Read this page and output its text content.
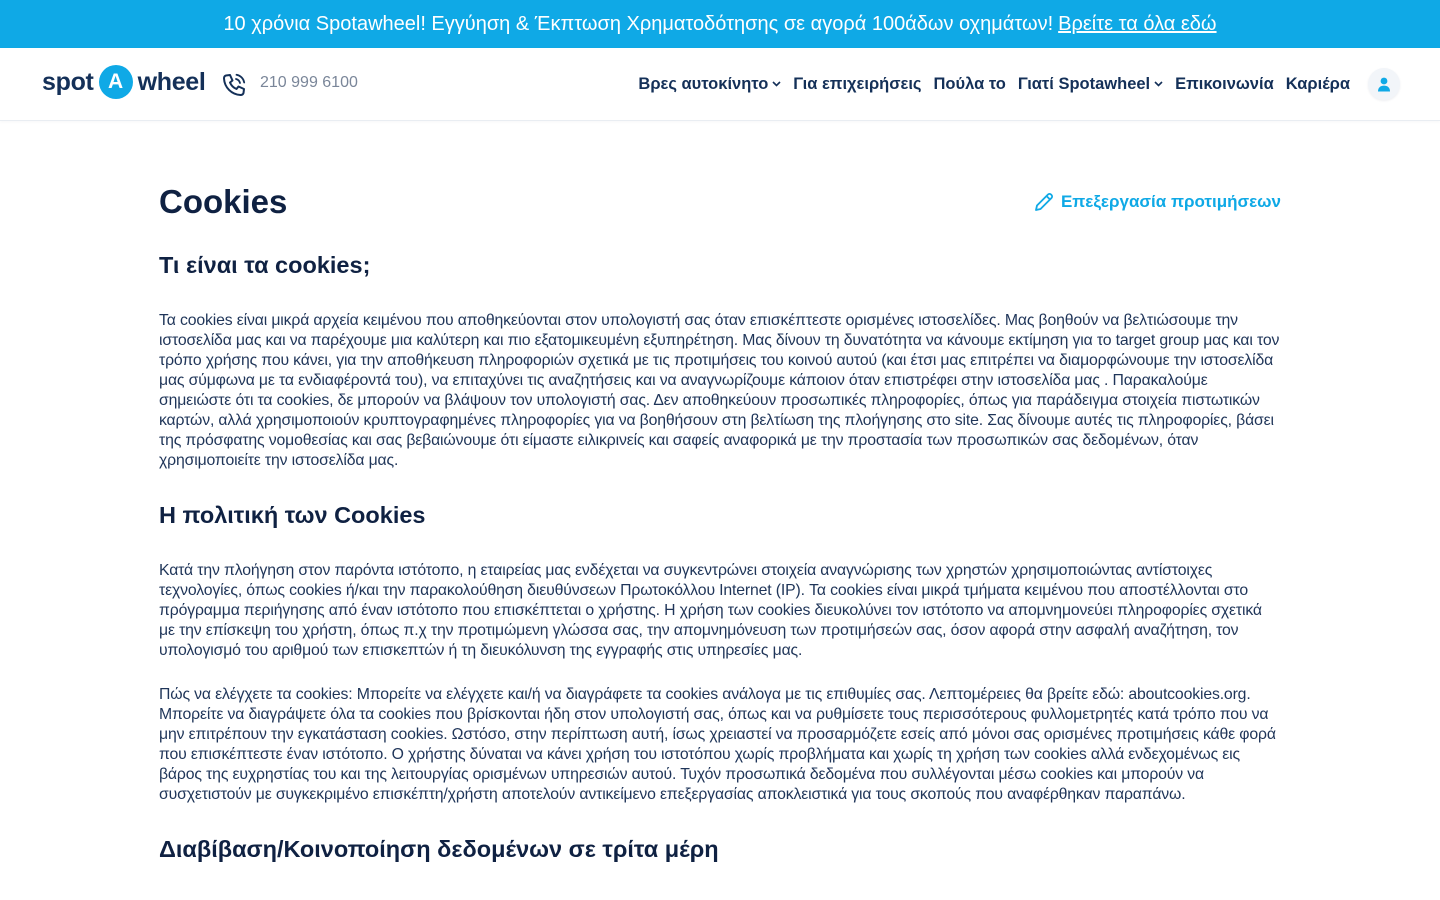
10 χρόνια Spotawheel! Εγγύηση & Έκπτωση Χρηματοδότησης σε αγορά 100άδων οχημάτων! Βρείτε τα όλα εδώ
spot A wheel	210 999 6100	Βρες αυτοκίνητο Για επιχειρήσεις Πούλα το Γιατί Spotawheel Επικοινωνία Καριέρα
Cookies	Επεξεργασία προτιμήσεων
Τι είναι τα cookies;

Τα cookies είναι μικρά αρχεία κειμένου που αποθηκεύονται στον υπολογιστή σας όταν επισκέπτεστε ορισμένες ιστοσελίδες. Μας βοηθούν να βελτιώσουμε την ιστοσελίδα μας και να παρέχουμε μια καλύτερη και πιο εξατομικευμένη εξυπηρέτηση. Μας δίνουν τη δυνατότητα να κάνουμε εκτίμηση για το target group μας και τον τρόπο χρήσης που κάνει, για την αποθήκευση πληροφοριών σχετικά με τις προτιμήσεις του κοινού αυτού (και έτσι μας επιτρέπει να διαμορφώνουμε την ιστοσελίδα μας σύμφωνα με τα ενδιαφέροντά του), να επιταχύνει τις αναζητήσεις και να αναγνωρίζουμε κάποιον όταν επιστρέφει στην ιστοσελίδα μας . Παρακαλούμε σημειώστε ότι τα cookies, δε μπορούν να βλάψουν τον υπολογιστή σας. Δεν αποθηκεύουν προσωπικές πληροφορίες, όπως για παράδειγμα στοιχεία πιστωτικών καρτών, αλλά χρησιμοποιούν κρυπτογραφημένες πληροφορίες για να βοηθήσουν στη βελτίωση της πλοήγησης στο site. Σας δίνουμε αυτές τις πληροφορίες, βάσει της πρόσφατης νομοθεσίας και σας βεβαιώνουμε ότι είμαστε ειλικρινείς και σαφείς αναφορικά με την προστασία των προσωπικών σας δεδομένων, όταν χρησιμοποιείτε την ιστοσελίδα μας.

Η πολιτική των Cookies

Κατά την πλοήγηση στον παρόντα ιστότοπο, η εταιρείας μας ενδέχεται να συγκεντρώνει στοιχεία αναγνώρισης των χρηστών χρησιμοποιώντας αντίστοιχες τεχνολογίες, όπως cookies ή/και την παρακολούθηση διευθύνσεων Πρωτοκόλλου Internet (IP). Τα cookies είναι μικρά τμήματα κειμένου που αποστέλλονται στο πρόγραμμα περιήγησης από έναν ιστότοπο που επισκέπτεται ο χρήστης. Η χρήση των cookies διευκολύνει τον ιστότοπο να απομνημονεύει πληροφορίες σχετικά με την επίσκεψη του χρήστη, όπως π.χ την προτιμώμενη γλώσσα σας, την απομνημόνευση των προτιμήσεών σας, όσον αφορά στην ασφαλή αναζήτηση, τον υπολογισμό του αριθμού των επισκεπτών ή τη διευκόλυνση της εγγραφής στις υπηρεσίες μας.

Πώς να ελέγχετε τα cookies: Μπορείτε να ελέγχετε και/ή να διαγράφετε τα cookies ανάλογα με τις επιθυμίες σας. Λεπτομέρειες θα βρείτε εδώ: aboutcookies.org. Μπορείτε να διαγράψετε όλα τα cookies που βρίσκονται ήδη στον υπολογιστή σας, όπως και να ρυθμίσετε τους περισσότερους φυλλομετρητές κατά τρόπο που να μην επιτρέπουν την εγκατάσταση cookies. Ωστόσο, στην περίπτωση αυτή, ίσως χρειαστεί να προσαρμόζετε εσείς από μόνοι σας ορισμένες προτιμήσεις κάθε φορά που επισκέπτεστε έναν ιστότοπο. Ο χρήστης δύναται να κάνει χρήση του ιστοτόπου χωρίς προβλήματα και χωρίς τη χρήση των cookies αλλά ενδεχομένως εις βάρος της ευχρηστίας του και της λειτουργίας ορισμένων υπηρεσιών αυτού. Τυχόν προσωπικά δεδομένα που συλλέγονται μέσω cookies και μπορούν να συσχετιστούν με συγκεκριμένο επισκέπτη/χρήστη αποτελούν αντικείμενο επεξεργασίας αποκλειστικά για τους σκοπούς που αναφέρθηκαν παραπάνω.

Διαβίβαση/Κοινοποίηση δεδομένων σε τρίτα μέρη
